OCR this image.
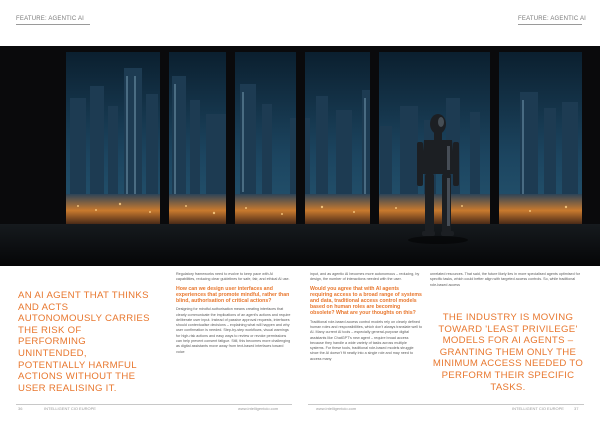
FEATURE: AGENTIC AI	FEATURE: AGENTIC AI
AN AI AGENT THAT THINKS AND ACTS AUTONOMOUSLY CARRIES THE RISK OF PERFORMING UNINTENDED, POTENTIALLY HARMFUL ACTIONS WITHOUT THE USER REALISING IT.

Regulatory frameworks need to evolve to keep pace with AI capabilities, reducing clear guidelines for safe, fair, and ethical AI use.

How can we design user interfaces and experiences that promote mindful, rather than blind, authorisation of critical actions?

Designing for mindful authorisation means creating interfaces that clearly communicate the implications of an agent's actions and require deliberate user input. Instead of passive approval requests, interfaces should contextualise decisions – explaining what will happen and why user confirmation is needed. Step-by-step workflows, visual warnings for high-risk actions and easy ways to review or revoke permissions can help prevent consent fatigue. Still, this becomes more challenging as digital assistants move away from text-based interfaces toward voice

input, and as agentic AI becomes more autonomous – reducing, by design, the number of interactions needed with the user.

Would you agree that with AI agents requiring access to a broad range of systems and data, traditional access control models based on human roles are becoming obsolete? What are your thoughts on this?

Traditional role-based access control models rely on clearly defined human roles and responsibilities, which don't always translate well to AI. Many current AI tools – especially general-purpose digital assistants like ChatGPT's new agent – require broad access because they handle a wide variety of tasks across multiple systems. For these tools, traditional role-based models struggle since the AI doesn't fit neatly into a single role and may need to access many

unrelated resources. That said, the future likely lies in more specialised agents optimised for specific tasks, which could better align with targeted access controls. So, while traditional role-based access

THE INDUSTRY IS MOVING TOWARD 'LEAST PRIVILEGE' MODELS FOR AI AGENTS – GRANTING THEM ONLY THE MINIMUM ACCESS NEEDED TO PERFORM THEIR SPECIFIC TASKS.
36	INTELLIGENT CIO EUROPE	www.intelligentcio.com	www.intelligentcio.com	INTELLIGENT CIO EUROPE	37
